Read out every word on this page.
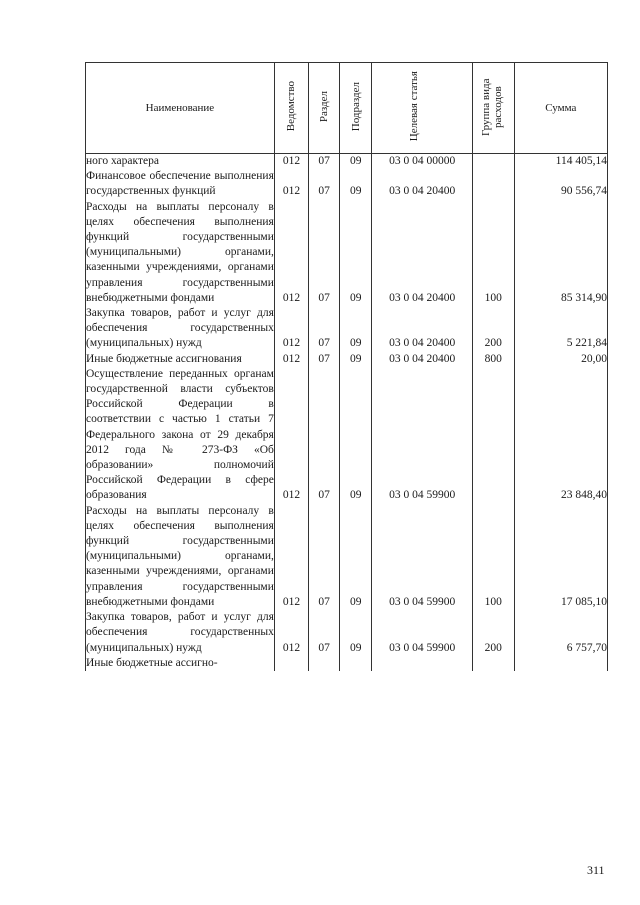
Наименование	Ведомство	Раздел	Подраздел	Целевая статья	Группа вида расходов	Сумма
ного характера	012	07	09	03 0 04 00000		114 405,14
Финансовое обеспечение выполнения государственных функций	012	07	09	03 0 04 20400		90 556,74
Расходы на выплаты персоналу в целях обеспечения выполнения функций государственными (муниципальными) органами, казенными учреждениями, органами управления государственными внебюджетными фондами	012	07	09	03 0 04 20400	100	85 314,90
Закупка товаров, работ и услуг для обеспечения государственных (муниципальных) нужд	012	07	09	03 0 04 20400	200	5 221,84
Иные бюджетные ассигнования	012	07	09	03 0 04 20400	800	20,00
Осуществление переданных органам государственной власти субъектов Российской Федерации в соответствии с частью 1 статьи 7 Федерального закона от 29 декабря 2012 года № 273-ФЗ «Об образовании» полномочий Российской Федерации в сфере образования	012	07	09	03 0 04 59900		23 848,40
Расходы на выплаты персоналу в целях обеспечения выполнения функций государственными (муниципальными) органами, казенными учреждениями, органами управления государственными внебюджетными фондами	012	07	09	03 0 04 59900	100	17 085,10
Закупка товаров, работ и услуг для обеспечения государственных (муниципальных) нужд	012	07	09	03 0 04 59900	200	6 757,70
Иные бюджетные ассигно-						
311
